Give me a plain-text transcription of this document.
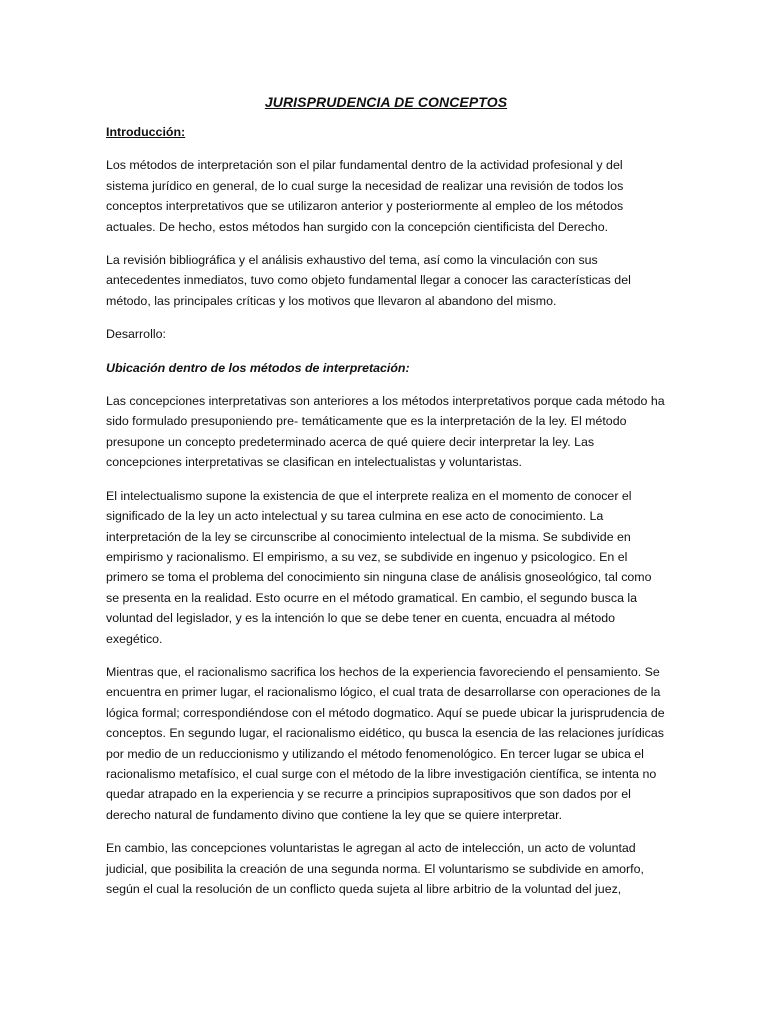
JURISPRUDENCIA DE CONCEPTOS
Introducción:

Los métodos de interpretación son el pilar fundamental dentro de la actividad profesional y del sistema jurídico en general, de lo cual surge la necesidad de realizar una revisión de todos los conceptos interpretativos que se utilizaron anterior y posteriormente al empleo de los métodos actuales. De hecho, estos métodos han surgido con la concepción cientificista del Derecho.

La revisión bibliográfica y el análisis exhaustivo del tema, así como la vinculación con sus antecedentes inmediatos, tuvo como objeto fundamental llegar a conocer las características del método, las principales críticas y los motivos que llevaron al abandono del mismo.

Desarrollo:
Ubicación dentro de los métodos de interpretación:

Las concepciones interpretativas son anteriores a los métodos interpretativos porque cada método ha sido formulado presuponiendo pre- temáticamente que es la interpretación de la ley. El método presupone un concepto predeterminado acerca de qué quiere decir interpretar la ley. Las concepciones interpretativas se clasifican en intelectualistas y voluntaristas.

El intelectualismo supone la existencia de que el interprete realiza en el momento de conocer el significado de la ley un acto intelectual y su tarea culmina en ese acto de conocimiento. La interpretación de la ley se circunscribe al conocimiento intelectual de la misma. Se subdivide en empirismo y racionalismo. El empirismo, a su vez, se subdivide en ingenuo y psicologico. En el primero se toma el problema del conocimiento sin ninguna clase de análisis gnoseológico, tal como se presenta en la realidad. Esto ocurre en el método gramatical. En cambio, el segundo busca la voluntad del legislador, y es la intención lo que se debe tener en cuenta, encuadra al método exegético.

Mientras que, el racionalismo sacrifica los hechos de la experiencia favoreciendo el pensamiento. Se encuentra en primer lugar, el racionalismo lógico, el cual trata de desarrollarse con operaciones de la lógica formal; correspondiéndose con el método dogmatico. Aquí se puede ubicar la jurisprudencia de conceptos. En segundo lugar, el racionalismo eidético, qu busca la esencia de las relaciones jurídicas por medio de un reduccionismo y utilizando el método fenomenológico. En tercer lugar se ubica el racionalismo metafísico, el cual surge con el método de la libre investigación científica, se intenta no quedar atrapado en la experiencia y se recurre a principios suprapositivos que son dados por el derecho natural de fundamento divino que contiene la ley que se quiere interpretar.

En cambio, las concepciones voluntaristas le agregan al acto de intelección, un acto de voluntad judicial, que posibilita la creación de una segunda norma. El voluntarismo se subdivide en amorfo, según el cual la resolución de un conflicto queda sujeta al libre arbitrio de la voluntad del juez,
